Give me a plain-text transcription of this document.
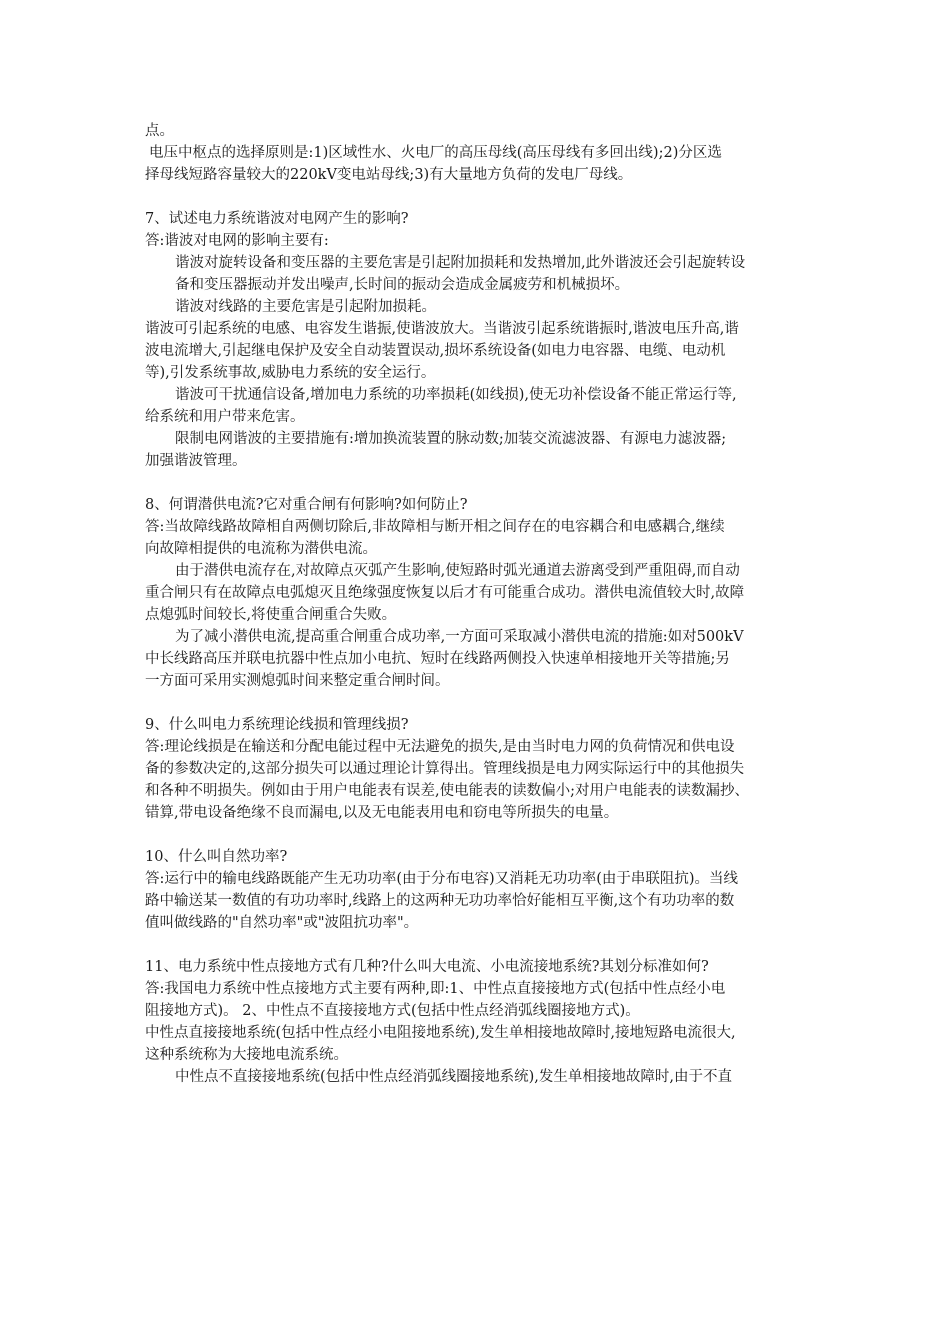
点。
电压中枢点的选择原则是:1)区域性水、火电厂的高压母线(高压母线有多回出线);2)分区选
择母线短路容量较大的220kV变电站母线;3)有大量地方负荷的发电厂母线。
7、试述电力系统谐波对电网产生的影响?
答:谐波对电网的影响主要有:
谐波对旋转设备和变压器的主要危害是引起附加损耗和发热增加,此外谐波还会引起旋转设
备和变压器振动并发出噪声,长时间的振动会造成金属疲劳和机械损坏。
谐波对线路的主要危害是引起附加损耗。
谐波可引起系统的电感、电容发生谐振,使谐波放大。当谐波引起系统谐振时,谐波电压升高,谐
波电流增大,引起继电保护及安全自动装置误动,损坏系统设备(如电力电容器、电缆、电动机
等),引发系统事故,威胁电力系统的安全运行。
谐波可干扰通信设备,增加电力系统的功率损耗(如线损),使无功补偿设备不能正常运行等,
给系统和用户带来危害。
限制电网谐波的主要措施有:增加换流装置的脉动数;加装交流滤波器、有源电力滤波器;
加强谐波管理。
8、何谓潜供电流?它对重合闸有何影响?如何防止?
答:当故障线路故障相自两侧切除后,非故障相与断开相之间存在的电容耦合和电感耦合,继续
向故障相提供的电流称为潜供电流。
由于潜供电流存在,对故障点灭弧产生影响,使短路时弧光通道去游离受到严重阻碍,而自动
重合闸只有在故障点电弧熄灭且绝缘强度恢复以后才有可能重合成功。潜供电流值较大时,故障
点熄弧时间较长,将使重合闸重合失败。
为了减小潜供电流,提高重合闸重合成功率,一方面可采取减小潜供电流的措施:如对500kV
中长线路高压并联电抗器中性点加小电抗、短时在线路两侧投入快速单相接地开关等措施;另
一方面可采用实测熄弧时间来整定重合闸时间。
9、什么叫电力系统理论线损和管理线损?
答:理论线损是在输送和分配电能过程中无法避免的损失,是由当时电力网的负荷情况和供电设
备的参数决定的,这部分损失可以通过理论计算得出。管理线损是电力网实际运行中的其他损失
和各种不明损失。例如由于用户电能表有误差,使电能表的读数偏小;对用户电能表的读数漏抄、
错算,带电设备绝缘不良而漏电,以及无电能表用电和窃电等所损失的电量。
10、什么叫自然功率?
答:运行中的输电线路既能产生无功功率(由于分布电容)又消耗无功功率(由于串联阻抗)。当线
路中输送某一数值的有功功率时,线路上的这两种无功功率恰好能相互平衡,这个有功功率的数
值叫做线路的"自然功率"或"波阻抗功率"。
11、电力系统中性点接地方式有几种?什么叫大电流、小电流接地系统?其划分标准如何?
答:我国电力系统中性点接地方式主要有两种,即:1、中性点直接接地方式(包括中性点经小电
阻接地方式)。 2、中性点不直接接地方式(包括中性点经消弧线圈接地方式)。
中性点直接接地系统(包括中性点经小电阻接地系统),发生单相接地故障时,接地短路电流很大,
这种系统称为大接地电流系统。
中性点不直接接地系统(包括中性点经消弧线圈接地系统),发生单相接地故障时,由于不直
